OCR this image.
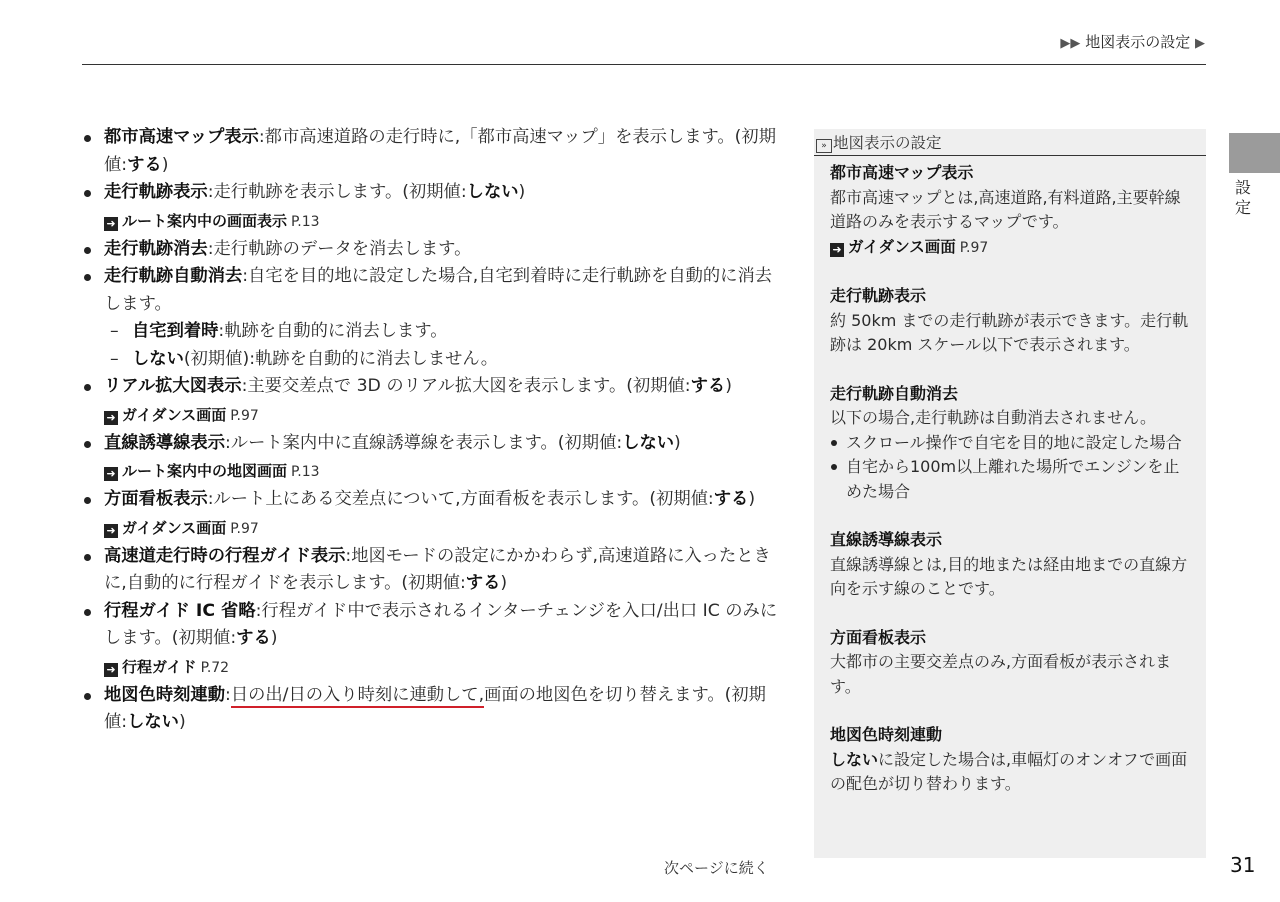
▶▶ 地図表示の設定 ▶
設
定
都市高速マップ表示:都市高速道路の走行時に,「都市高速マップ」を表示します。(初期値:する)
走行軌跡表示:走行軌跡を表示します。(初期値:しない)
➜ ルート案内中の画面表示 P.13
走行軌跡消去:走行軌跡のデータを消去します。
走行軌跡自動消去:自宅を目的地に設定した場合,自宅到着時に走行軌跡を自動的に消去します。
– 自宅到着時:軌跡を自動的に消去します。
– しない(初期値):軌跡を自動的に消去しません。
リアル拡大図表示:主要交差点で 3D のリアル拡大図を表示します。(初期値:する)
➜ ガイダンス画面 P.97
直線誘導線表示:ルート案内中に直線誘導線を表示します。(初期値:しない)
➜ ルート案内中の地図画面 P.13
方面看板表示:ルート上にある交差点について,方面看板を表示します。(初期値:する)
➜ ガイダンス画面 P.97
高速道走行時の行程ガイド表示:地図モードの設定にかかわらず,高速道路に入ったときに,自動的に行程ガイドを表示します。(初期値:する)
行程ガイド IC 省略:行程ガイド中で表示されるインターチェンジを入口/出口 IC のみにします。(初期値:する)
➜ 行程ガイド P.72
地図色時刻連動:日の出/日の入り時刻に連動して,画面の地図色を切り替えます。(初期値:しない)
次ページに続く	31
» 地図表示の設定
都市高速マップ表示
都市高速マップとは,高速道路,有料道路,主要幹線道路のみを表示するマップです。
➜ ガイダンス画面 P.97
走行軌跡表示
約 50km までの走行軌跡が表示できます。走行軌跡は 20km スケール以下で表示されます。
走行軌跡自動消去
以下の場合,走行軌跡は自動消去されません。
スクロール操作で自宅を目的地に設定した場合
自宅から100m以上離れた場所でエンジンを止めた場合
直線誘導線表示
直線誘導線とは,目的地または経由地までの直線方向を示す線のことです。
方面看板表示
大都市の主要交差点のみ,方面看板が表示されます。
地図色時刻連動
しないに設定した場合は,車幅灯のオンオフで画面の配色が切り替わります。
